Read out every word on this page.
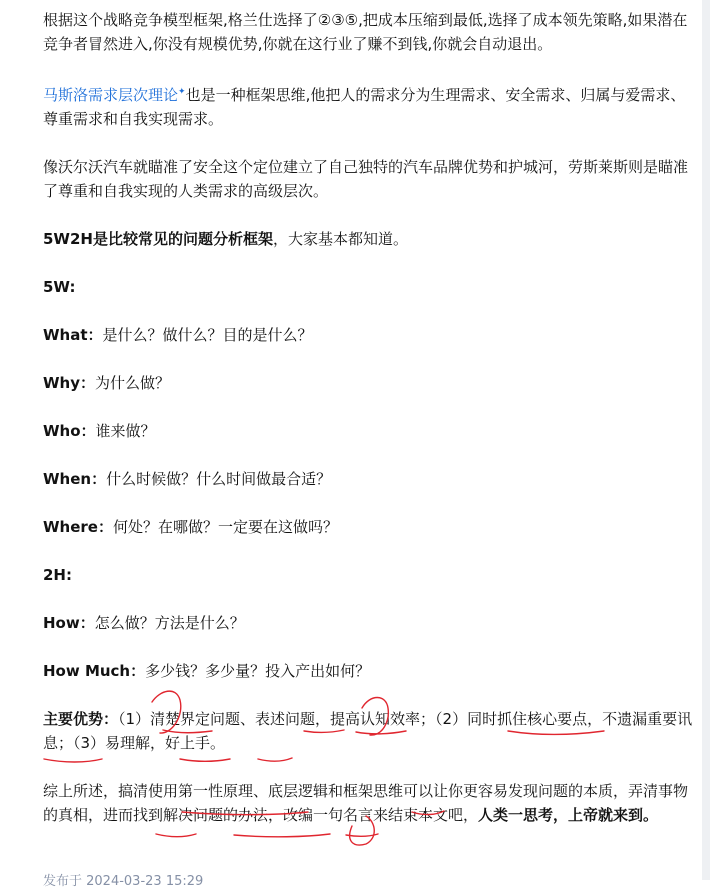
根据这个战略竞争模型框架,格兰仕选择了②③⑤,把成本压缩到最低,选择了成本领先策略,如果潜在竞争者冒然进入,你没有规模优势,你就在这行业了赚不到钱,你就会自动退出。

马斯洛需求层次理论✦也是一种框架思维,他把人的需求分为生理需求、安全需求、归属与爱需求、尊重需求和自我实现需求。

像沃尔沃汽车就瞄准了安全这个定位建立了自己独特的汽车品牌优势和护城河，劳斯莱斯则是瞄准了尊重和自我实现的人类需求的高级层次。

5W2H是比较常见的问题分析框架，大家基本都知道。

5W:

What：是什么？做什么？目的是什么？

Why：为什么做？

Who：谁来做？

When：什么时候做？什么时间做最合适？

Where：何处？在哪做？一定要在这做吗？

2H:

How：怎么做？方法是什么？

How Much：多少钱？多少量？投入产出如何？

主要优势：（1）清楚界定问题、表述问题，提高认知效率；（2）同时抓住核心要点，不遗漏重要讯息；（3）易理解，好上手。

综上所述，搞清使用第一性原理、底层逻辑和框架思维可以让你更容易发现问题的本质，弄清事物的真相，进而找到解决问题的办法，改编一句名言来结束本文吧，人类一思考，上帝就来到。

发布于 2024-03-23 15:29
